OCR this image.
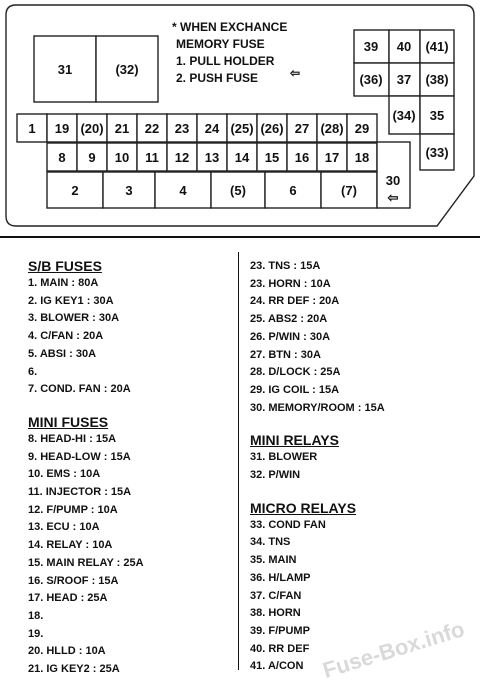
31	(32)
* WHEN EXCHANCE
MEMORY FUSE
1. PULL HOLDER
2. PUSH FUSE	⇦
39 40 (41)
(36) 37 (38)
(34) 35
(33)
1 19 (20) 21 22 23 24 (25) (26) 27 (28) 29
8 9 10 11 12 13 14 15 16 17 18
2	3	4	(5)	6	(7)
30
⇦
S/B FUSES
1. MAIN : 80A
2. IG KEY1 : 30A
3. BLOWER : 30A
4. C/FAN : 20A
5. ABSI : 30A
6.
7. COND. FAN : 20A
MINI FUSES
8. HEAD-HI : 15A
9. HEAD-LOW : 15A
10. EMS : 10A
11. INJECTOR : 15A
12. F/PUMP : 10A
13. ECU : 10A
14. RELAY : 10A
15. MAIN RELAY : 25A
16. S/ROOF : 15A
17. HEAD : 25A
18.
19.
20. HLLD : 10A
21. IG KEY2 : 25A
23. TNS : 15A
23. HORN : 10A
24. RR DEF : 20A
25. ABS2 : 20A
26. P/WIN : 30A
27. BTN : 30A
28. D/LOCK : 25A
29. IG COIL : 15A
30. MEMORY/ROOM : 15A
MINI RELAYS
31. BLOWER
32. P/WIN
MICRO RELAYS
33. COND FAN
34. TNS
35. MAIN
36. H/LAMP
37. C/FAN
38. HORN
39. F/PUMP
40. RR DEF
41. A/CON Fuse-Box.info
